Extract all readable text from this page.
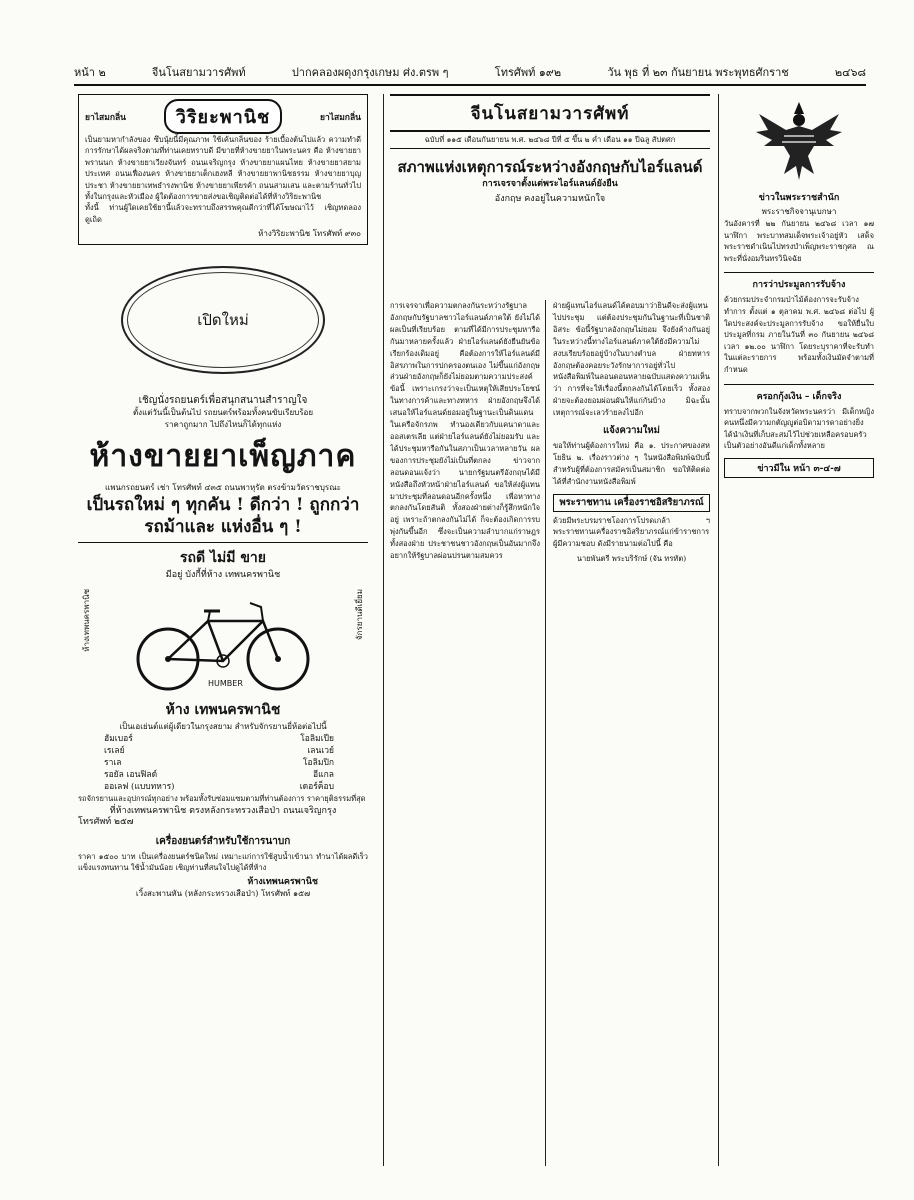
หน้า ๒	จีนโนสยามวารศัพท์	ปากคลองผดุงกรุงเกษม ศ่ง.ตรพ ๆ	โทรศัพท์ ๑๙๒	วัน พุธ ที่ ๒๓ กันยายน พระพุทธศักราช	๒๔๖๘
ยาไสมกลิ่น	วิริยะพานิช	ยาไสมกลิ่น
เป็นยามหากำลังของ ซึบนุ้ยนี้มีคุณภาพ ใช้เค้นกลิ่นของ ร้ายเบื้องต้นไปแล้ว ความทำดีการรักษาได้ผลจริงตามที่ท่านเคยทราบดี มีขายที่ห้างขายยาในพระนคร คือ ห้างขายยาพรานนก ห้างขายยาเวียงจันทร์ ถนนเจริญกรุง ห้างขายยาแผนไทย ห้างขายยาสยามประเทศ ถนนเฟื่องนคร ห้างขายยาเต็กเฮงหลี ห้างขายยาพานิชธรรม ห้างขายยาบุญประชา ห้างขายยาเทพธำรงพานิช ห้างขายยาเพียรค้า ถนนสามเสน และตามร้านทั่วไปทั้งในกรุงและหัวเมือง ผู้ใดต้องการขายส่งขอเชิญติดต่อได้ที่ห้างวิริยะพานิช
ทั้งนี้ ท่านผู้ใดเคยใช้ยานี้แล้วจะทราบถึงสรรพคุณดีกว่าที่ได้โฆษณาไว้ เชิญทดลองดูเถิด
ห้างวิริยะพานิช โทรศัพท์ ๙๓๐
เปิดใหม่
เชิญนั่งรถยนตร์เพื่อสนุกสนานสำราญใจ
ตั้งแต่วันนี้เป็นต้นไป รถยนตร์พร้อมทั้งคนขับเรียบร้อย
ราคาถูกมาก ไปถึงไหนก็ได้ทุกแห่ง
ห้างขายยาเพ็ญภาค
แพนกรถยนตร์ เช่า โทรศัพท์ ๔๓๕ ถนนพาหุรัด ตรงข้ามวัดราชบุรณะ
เป็นรถใหม่ ๆ ทุกคัน ! ดีกว่า ! ถูกกว่า
รถม้าและ แห่งอื่น ๆ !
รถดี ไม่มี ขาย
มีอยู่ บังกี้ที่ห้าง เทพนครพานิช
ห้างเทพนครพานิช	จักรยานดีเยี่ยม
HUMBER
ห้าง เทพนครพานิช
เป็นเอเย่นต์แต่ผู้เดียวในกรุงสยาม สำหรับจักรยานยี่ห้อต่อไปนี้
ฮัมเบอร์	โอลิมเปีย
เรเลย์	เลนเวย์
ราเล	โอลิมปิก
รอยัล เอนฟิลด์	อีแกล
ออเลฟ (แบบทหาร)	เดอร์ค็อบ
รถจักรยานและอุปกรณ์ทุกอย่าง พร้อมทั้งรับซ่อมแซมตามที่ท่านต้องการ ราคายุติธรรมที่สุด
ที่ห้างเทพนครพานิช ตรงหลังกระทรวงเสือป่า ถนนเจริญกรุง
โทรศัพท์ ๒๕๗
เครื่องยนตร์สำหรับใช้การนาบก
ราคา ๑๕๐๐ บาท เป็นเครื่องยนตร์ชนิดใหม่ เหมาะแก่การใช้สูบน้ำเข้านา ทำนาได้ผลดีเร็ว แข็งแรงทนทาน ใช้น้ำมันน้อย เชิญท่านที่สนใจไปดูได้ที่ห้าง
ห้างเทพนครพานิช
เวิ้งสะพานหัน (หลังกระทรวงเสือป่า) โทรศัพท์ ๑๕๗
จีนโนสยามวารศัพท์
ฉบับที่ ๑๑๕ เดือนกันยายน พ.ศ. ๒๔๖๘ ปีที่ ๕ ขึ้น ๒ ค่ำ เดือน ๑๑ ปีฉลู สัปตศก
สภาพแห่งเหตุการณ์ระหว่างอังกฤษกับไอร์แลนด์
การเจรจาตั้งแต่พระไอร์แลนด์ยังยืน
อังกฤษ คงอยู่ในความหนักใจ
การเจรจาเพื่อความตกลงกันระหว่างรัฐบาลอังกฤษกับรัฐบาลชาวไอร์แลนด์ภาคใต้ ยังไม่ได้ผลเป็นที่เรียบร้อย ตามที่ได้มีการประชุมหารือกันมาหลายครั้งแล้ว ฝ่ายไอร์แลนด์ยังยืนยันข้อเรียกร้องเดิมอยู่ คือต้องการให้ไอร์แลนด์มีอิสรภาพในการปกครองตนเอง ไม่ขึ้นแก่อังกฤษ ส่วนฝ่ายอังกฤษก็ยังไม่ยอมตามความประสงค์ข้อนี้ เพราะเกรงว่าจะเป็นเหตุให้เสียประโยชน์ในทางการค้าและทางทหาร ฝ่ายอังกฤษจึงได้เสนอให้ไอร์แลนด์ยอมอยู่ในฐานะเป็นดินแดนในเครือจักรภพ ทำนองเดียวกับแคนาดาและออสเตรเลีย แต่ฝ่ายไอร์แลนด์ยังไม่ยอมรับ และได้ประชุมหารือกันในสภาเป็นเวลาหลายวัน ผลของการประชุมยังไม่เป็นที่ตกลง ข่าวจากลอนดอนแจ้งว่า นายกรัฐมนตรีอังกฤษได้มีหนังสือถึงหัวหน้าฝ่ายไอร์แลนด์ ขอให้ส่งผู้แทนมาประชุมที่ลอนดอนอีกครั้งหนึ่ง เพื่อหาทางตกลงกันโดยสันติ ทั้งสองฝ่ายต่างก็รู้สึกหนักใจอยู่ เพราะถ้าตกลงกันไม่ได้ ก็จะต้องเกิดการรบพุ่งกันขึ้นอีก ซึ่งจะเป็นความลำบากแก่ราษฎรทั้งสองฝ่าย ประชาชนชาวอังกฤษเป็นอันมากจึงอยากให้รัฐบาลผ่อนปรนตามสมควร
ฝ่ายผู้แทนไอร์แลนด์ได้ตอบมาว่ายินดีจะส่งผู้แทนไปประชุม แต่ต้องประชุมกันในฐานะที่เป็นชาติอิสระ ข้อนี้รัฐบาลอังกฤษไม่ยอม จึงยังค้างกันอยู่ ในระหว่างนี้ทางไอร์แลนด์ภาคใต้ยังมีความไม่สงบเรียบร้อยอยู่บ้างในบางตำบล ฝ่ายทหารอังกฤษต้องคอยระวังรักษาการอยู่ทั่วไป หนังสือพิมพ์ในลอนดอนหลายฉบับแสดงความเห็นว่า การที่จะให้เรื่องนี้ตกลงกันได้โดยเร็ว ทั้งสองฝ่ายจะต้องยอมผ่อนผันให้แก่กันบ้าง มิฉะนั้นเหตุการณ์จะเลวร้ายลงไปอีก
แจ้งความใหม่
ขอให้ท่านผู้ต้องการใหม่ คือ ๑. ประกาศของสหโยธิน ๒. เรื่องราวต่าง ๆ ในหนังสือพิมพ์ฉบับนี้ สำหรับผู้ที่ต้องการสมัครเป็นสมาชิก ขอให้ติดต่อได้ที่สำนักงานหนังสือพิมพ์
พระราชทาน เครื่องราชอิสริยาภรณ์
ด้วยมีพระบรมราชโองการโปรดเกล้า ฯ พระราชทานเครื่องราชอิสริยาภรณ์แก่ข้าราชการผู้มีความชอบ ดังมีรายนามต่อไปนี้ คือ
นายพันตรี พระบริรักษ์ (จัน ทรทัต)
ข่าวในพระราชสำนัก
พระราชกิจจานุเบกษา
วันอังคารที่ ๒๒ กันยายน ๒๔๖๘ เวลา ๑๗ นาฬิกา พระบาทสมเด็จพระเจ้าอยู่หัว เสด็จพระราชดำเนินไปทรงบำเพ็ญพระราชกุศล ณ พระที่นั่งอมรินทรวินิจฉัย
การว่าประมูลการรับจ้าง
ด้วยกรมประจำกรมป่าไม้ต้องการจะรับจ้างทำการ ตั้งแต่ ๑ ตุลาคม พ.ศ. ๒๔๖๘ ต่อไป ผู้ใดประสงค์จะประมูลการรับจ้าง ขอให้ยื่นใบประมูลที่กรม ภายในวันที่ ๓๐ กันยายน ๒๔๖๘ เวลา ๑๒.๐๐ นาฬิกา โดยระบุราคาที่จะรับทำในแต่ละรายการ พร้อมทั้งเงินมัดจำตามที่กำหนด
ครอกกุ้งเงิน – เด็กจริง
ทราบจากพวกในจังหวัดพระนครว่า มีเด็กหญิงคนหนึ่งมีความกตัญญูต่อบิดามารดาอย่างยิ่ง ได้นำเงินที่เก็บสะสมไว้ไปช่วยเหลือครอบครัว เป็นตัวอย่างอันดีแก่เด็กทั้งหลาย
ข่าวมีใน หน้า ๓-๔-๗
